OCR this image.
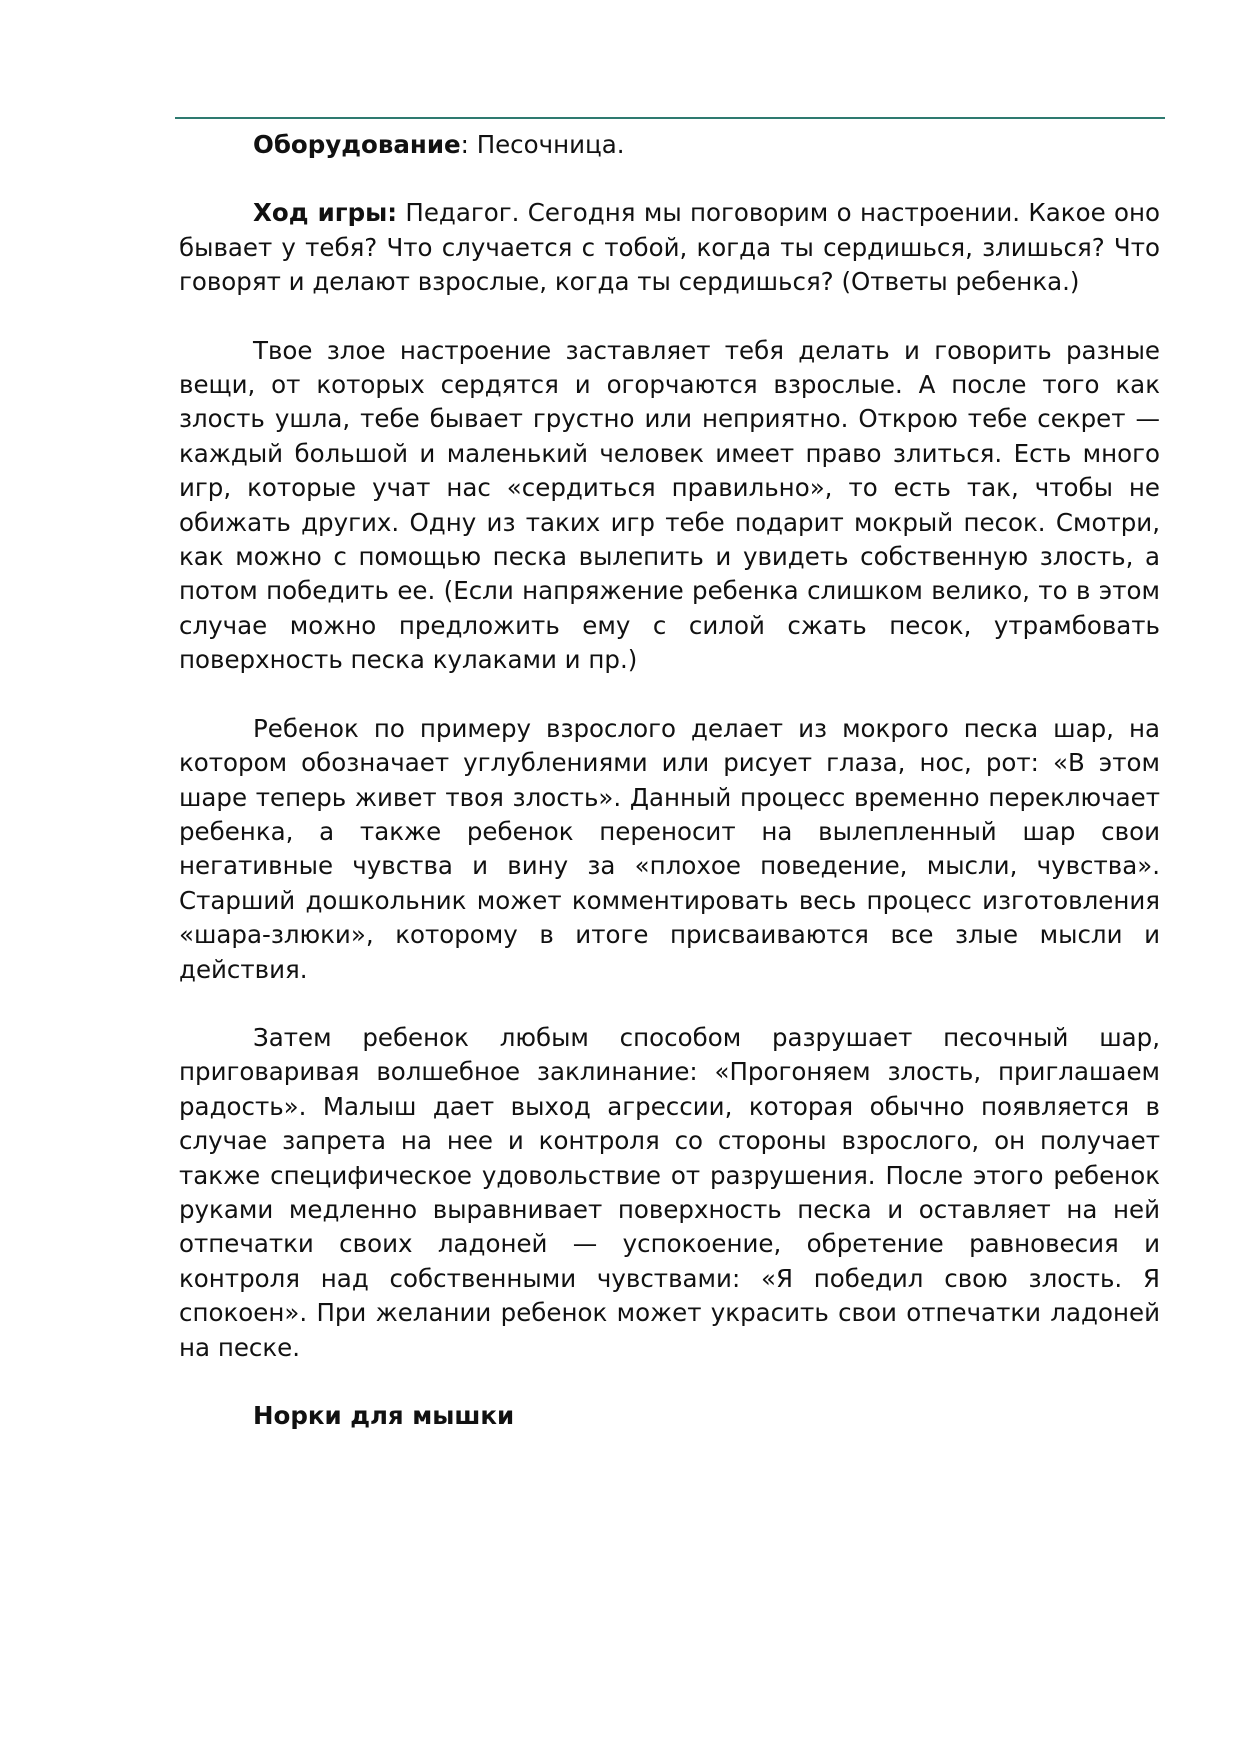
Оборудование: Песочница.

Ход игры: Педагог. Сегодня мы поговорим о настроении. Какое оно бывает у тебя? Что случается с тобой, когда ты сердишься, злишься? Что говорят и делают взрослые, когда ты сердишься? (Ответы ребенка.)

Твое злое настроение заставляет тебя делать и говорить разные вещи, от которых сердятся и огорчаются взрослые. А после того как злость ушла, тебе бывает грустно или неприятно. Открою тебе секрет — каждый большой и маленький человек имеет право злиться. Есть много игр, которые учат нас «сердиться правильно», то есть так, чтобы не обижать других. Одну из таких игр тебе подарит мокрый песок. Смотри, как можно с помощью песка вылепить и увидеть собственную злость, а потом победить ее. (Если напряжение ребенка слишком велико, то в этом случае можно предложить ему с силой сжать песок, утрамбовать поверхность песка кулаками и пр.)

Ребенок по примеру взрослого делает из мокрого песка шар, на котором обозначает углублениями или рисует глаза, нос, рот: «В этом шаре теперь живет твоя злость». Данный процесс временно переключает ребенка, а также ребенок переносит на вылепленный шар свои негативные чувства и вину за «плохое поведение, мысли, чувства». Старший дошкольник может комментировать весь процесс изготовления «шара-злюки», которому в итоге присваиваются все злые мысли и действия.

Затем ребенок любым способом разрушает песочный шар, приговаривая волшебное заклинание: «Прогоняем злость, приглашаем радость». Малыш дает выход агрессии, которая обычно появляется в случае запрета на нее и контроля со стороны взрослого, он получает также специфическое удовольствие от разрушения. После этого ребенок руками медленно выравнивает поверхность песка и оставляет на ней отпечатки своих ладоней — успокоение, обретение равновесия и контроля над собственными чувствами: «Я победил свою злость. Я спокоен». При желании ребенок может украсить свои отпечатки ладоней на песке.

Норки для мышки
